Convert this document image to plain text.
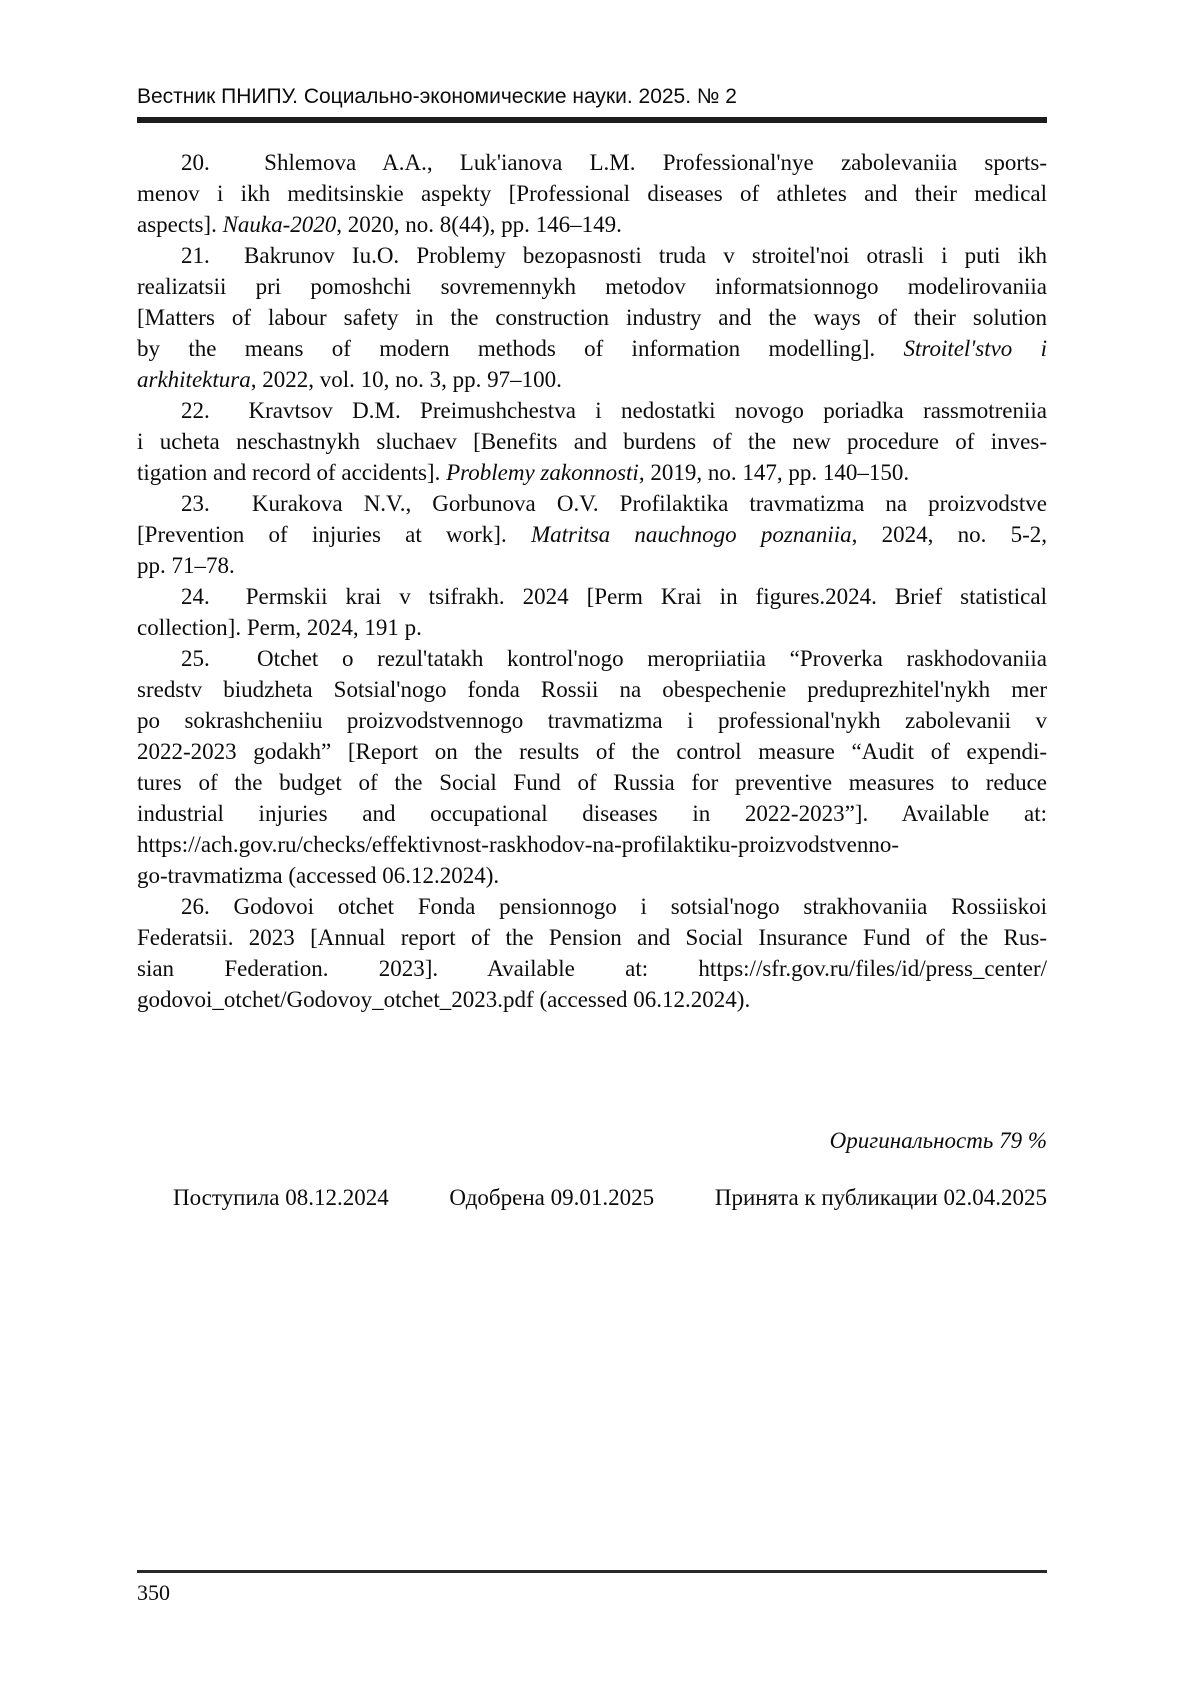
Вестник ПНИПУ. Социально-экономические науки. 2025. № 2
20.  Shlemova A.A., Luk'ianova L.M. Professional'nye zabolevaniia sports-
menov i ikh meditsinskie aspekty [Professional diseases of athletes and their medical
aspects]. Nauka-2020, 2020, no. 8(44), pp. 146–149.
21.  Bakrunov Iu.O. Problemy bezopasnosti truda v stroitel'noi otrasli i puti ikh
realizatsii pri pomoshchi sovremennykh metodov informatsionnogo modelirovaniia
[Matters of labour safety in the construction industry and the ways of their solution
by the means of modern methods of information modelling]. Stroitel'stvo i
arkhitektura, 2022, vol. 10, no. 3, pp. 97–100.
22.  Kravtsov D.M. Preimushchestva i nedostatki novogo poriadka rassmotreniia
i ucheta neschastnykh sluchaev [Benefits and burdens of the new procedure of inves-
tigation and record of accidents]. Problemy zakonnosti, 2019, no. 147, pp. 140–150.
23.  Kurakova N.V., Gorbunova O.V. Profilaktika travmatizma na proizvodstve
[Prevention of injuries at work]. Matritsa nauchnogo poznaniia, 2024, no. 5-2,
pp. 71–78.
24.  Permskii krai v tsifrakh. 2024 [Perm Krai in figures.2024. Brief statistical
collection]. Perm, 2024, 191 p.
25.  Otchet o rezul'tatakh kontrol'nogo meropriiatiia “Proverka raskhodovaniia
sredstv biudzheta Sotsial'nogo fonda Rossii na obespechenie preduprezhitel'nykh mer
po sokrashcheniiu proizvodstvennogo travmatizma i professional'nykh zabolevanii v
2022-2023 godakh” [Report on the results of the control measure “Audit of expendi-
tures of the budget of the Social Fund of Russia for preventive measures to reduce
industrial injuries and occupational diseases in 2022-2023”]. Available at:
https://ach.gov.ru/checks/effektivnost-raskhodov-na-profilaktiku-proizvodstvenno-
go-travmatizma (accessed 06.12.2024).
26. Godovoi otchet Fonda pensionnogo i sotsial'nogo strakhovaniia Rossiiskoi
Federatsii. 2023 [Annual report of the Pension and Social Insurance Fund of the Rus-
sian Federation. 2023]. Available at: https://sfr.gov.ru/files/id/press_center/
godovoi_otchet/Godovoy_otchet_2023.pdf (accessed 06.12.2024).
Оригинальность 79 %
Поступила 08.12.2024	Одобрена 09.01.2025	Принята к публикации 02.04.2025
350
